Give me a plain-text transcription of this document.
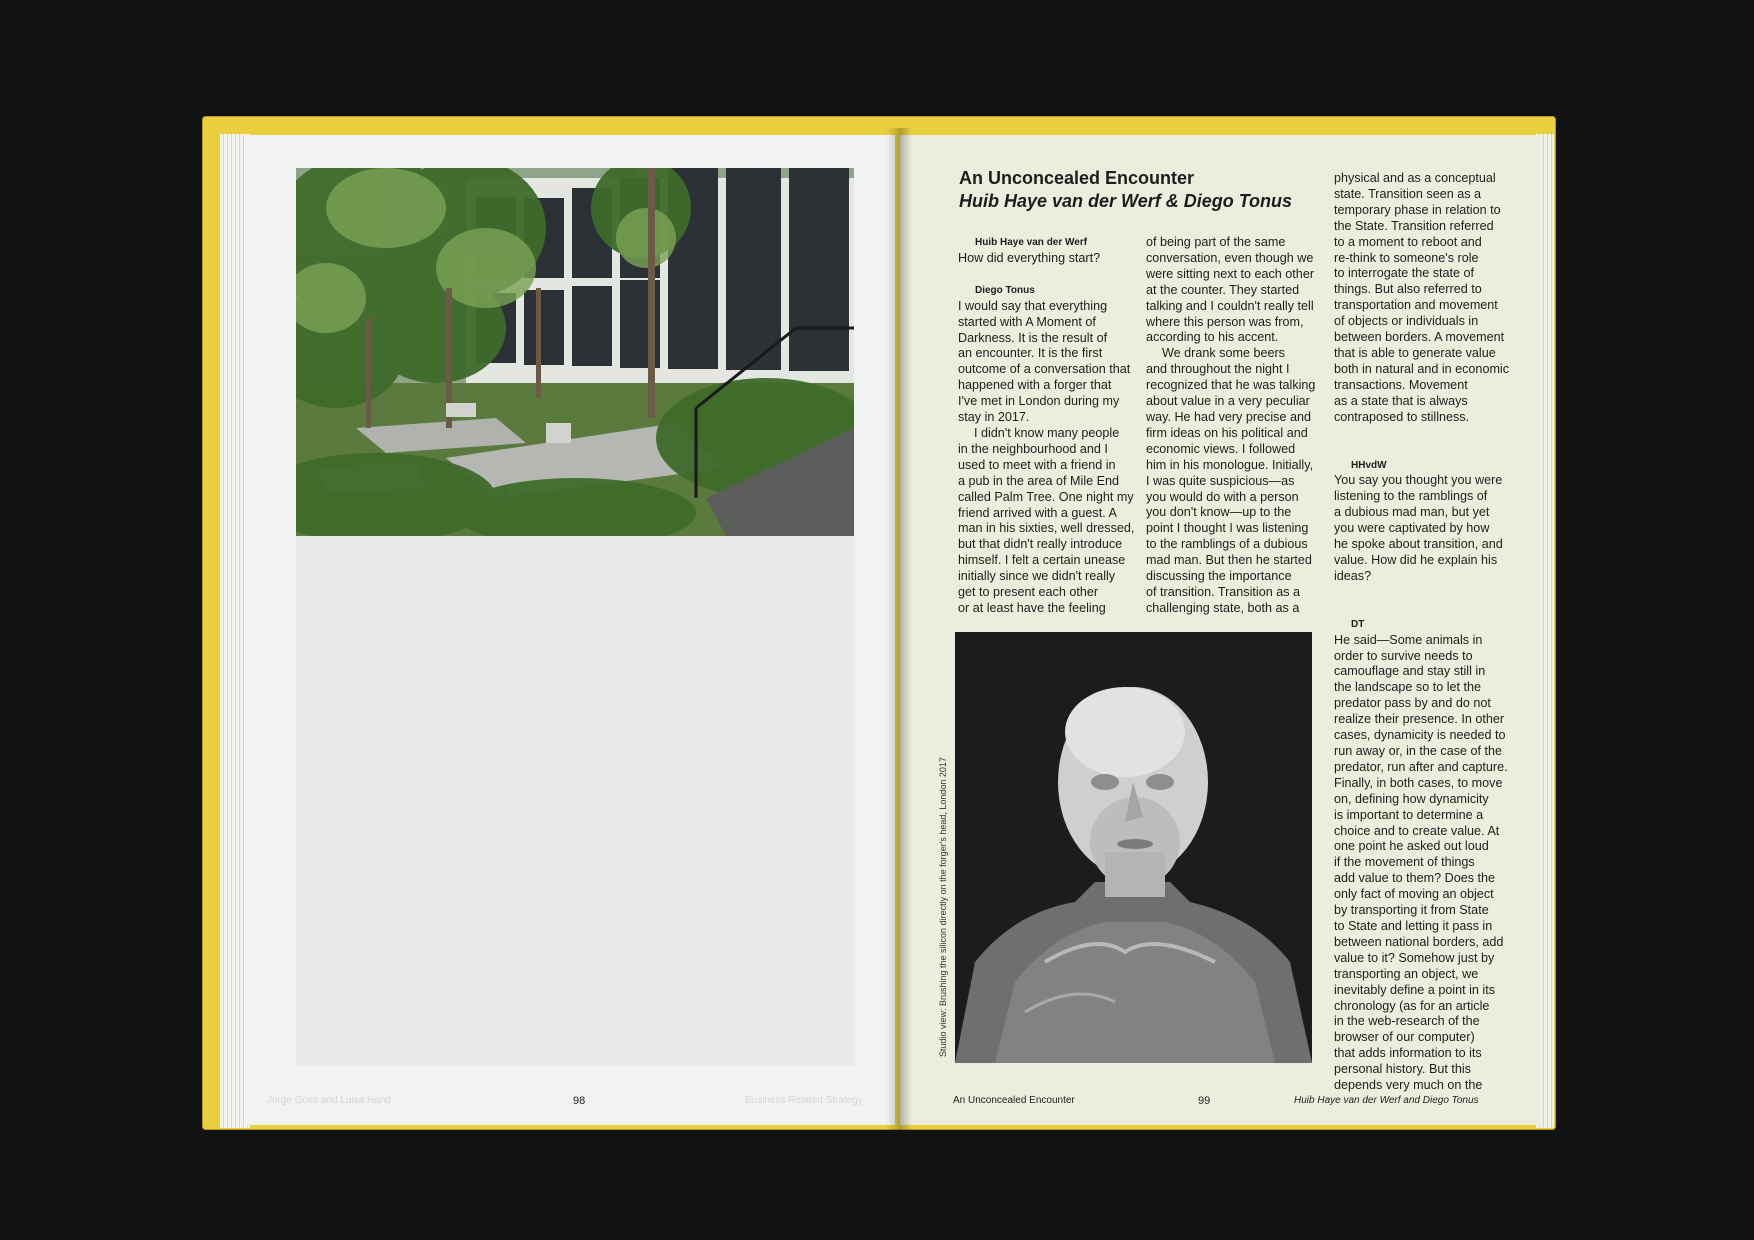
Jorge Goss and Luisa Hand	98	Business Related Strategy
An Unconcealed Encounter
Huib Haye van der Werf & Diego Tonus
Huib Haye van der Werf

How did everything start?

Diego Tonus

I would say that everything

started with A Moment of

Darkness. It is the result of

an encounter. It is the first

outcome of a conversation that

happened with a forger that

I've met in London during my

stay in 2017.

I didn't know many people

in the neighbourhood and I

used to meet with a friend in

a pub in the area of Mile End

called Palm Tree. One night my

friend arrived with a guest. A

man in his sixties, well dressed,

but that didn't really introduce

himself. I felt a certain unease

initially since we didn't really

get to present each other

or at least have the feeling

of being part of the same

conversation, even though we

were sitting next to each other

at the counter. They started

talking and I couldn't really tell

where this person was from,

according to his accent.

We drank some beers

and throughout the night I

recognized that he was talking

about value in a very peculiar

way. He had very precise and

firm ideas on his political and

economic views. I followed

him in his monologue. Initially,

I was quite suspicious—as

you would do with a person

you don't know—up to the

point I thought I was listening

to the ramblings of a dubious

mad man. But then he started

discussing the importance

of transition. Transition as a

challenging state, both as a

physical and as a conceptual

state. Transition seen as a

temporary phase in relation to

the State. Transition referred

to a moment to reboot and

re-think to someone's role

to interrogate the state of

things. But also referred to

transportation and movement

of objects or individuals in

between borders. A movement

that is able to generate value

both in natural and in economic

transactions. Movement

as a state that is always

contraposed to stillness.

HHvdW

You say you thought you were

listening to the ramblings of

a dubious mad man, but yet

you were captivated by how

he spoke about transition, and

value. How did he explain his

ideas?

DT

He said—Some animals in

order to survive needs to

camouflage and stay still in

the landscape so to let the

predator pass by and do not

realize their presence. In other

cases, dynamicity is needed to

run away or, in the case of the

predator, run after and capture.

Finally, in both cases, to move

on, defining how dynamicity

is important to determine a

choice and to create value. At

one point he asked out loud

if the movement of things

add value to them? Does the

only fact of moving an object

by transporting it from State

to State and letting it pass in

between national borders, add

value to it? Somehow just by

transporting an object, we

inevitably define a point in its

chronology (as for an article

in the web-research of the

browser of our computer)

that adds information to its

personal history. But this

depends very much on the

Studio view: Brushing the silicon directly on the forger's head, London 2017
An Unconcealed Encounter	99	Huib Haye van der Werf and Diego Tonus
